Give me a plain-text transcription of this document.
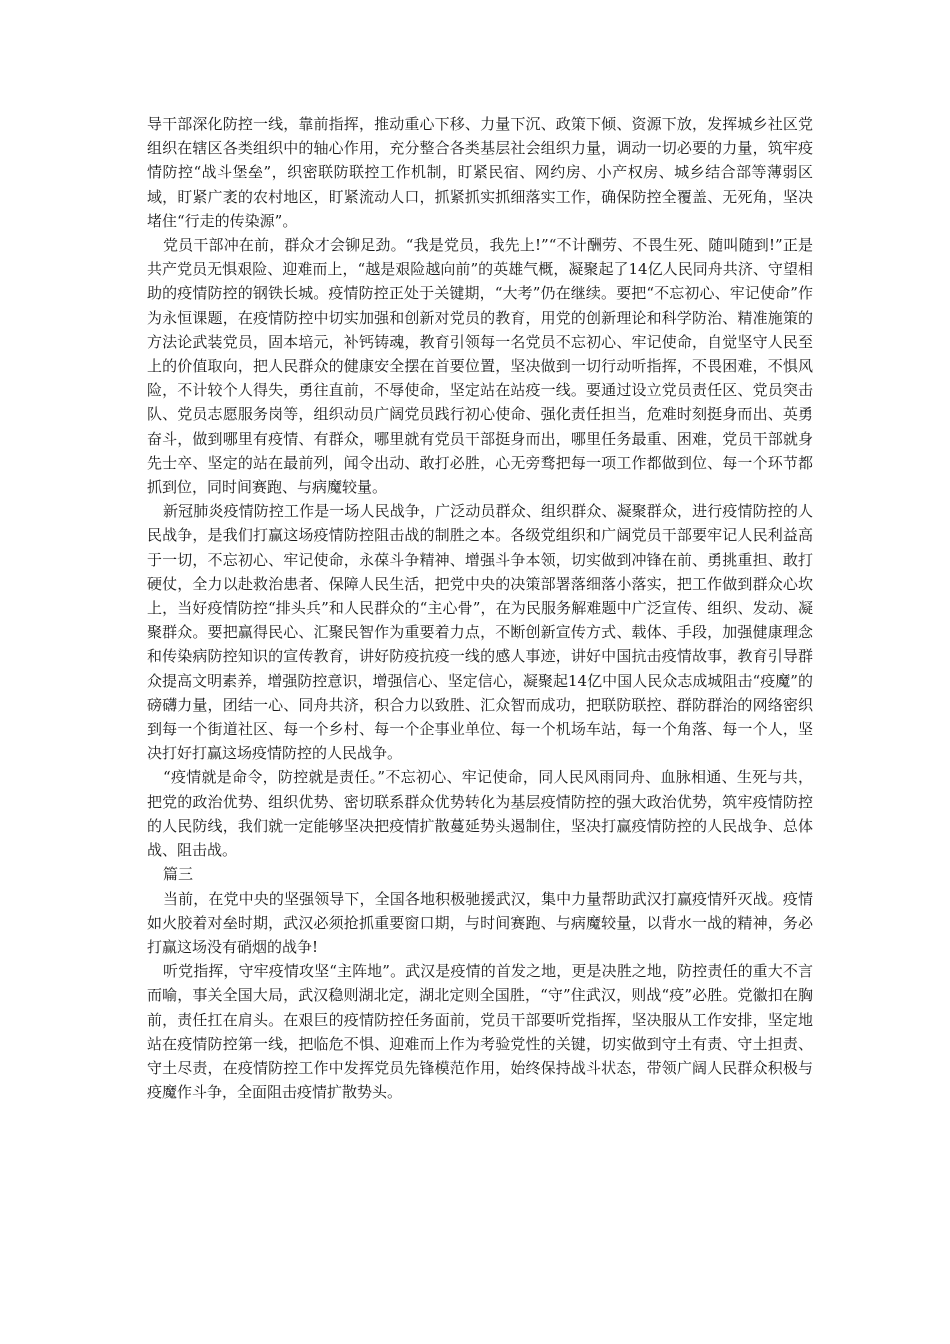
导干部深化防控一线，靠前指挥，推动重心下移、力量下沉、政策下倾、资源下放，发挥城乡社区党组织在辖区各类组织中的轴心作用，充分整合各类基层社会组织力量，调动一切必要的力量，筑牢疫情防控“战斗堡垒”，织密联防联控工作机制，盯紧民宿、网约房、小产权房、城乡结合部等薄弱区域，盯紧广袤的农村地区，盯紧流动人口，抓紧抓实抓细落实工作，确保防控全覆盖、无死角，坚决堵住“行走的传染源”。

党员干部冲在前，群众才会铆足劲。“我是党员，我先上!”“不计酬劳、不畏生死、随叫随到!”正是共产党员无惧艰险、迎难而上，“越是艰险越向前”的英雄气概，凝聚起了14亿人民同舟共济、守望相助的疫情防控的钢铁长城。疫情防控正处于关键期，“大考”仍在继续。要把“不忘初心、牢记使命”作为永恒课题，在疫情防控中切实加强和创新对党员的教育，用党的创新理论和科学防治、精准施策的方法论武装党员，固本培元，补钙铸魂，教育引领每一名党员不忘初心、牢记使命，自觉坚守人民至上的价值取向，把人民群众的健康安全摆在首要位置，坚决做到一切行动听指挥，不畏困难，不惧风险，不计较个人得失，勇往直前，不辱使命，坚定站在站疫一线。要通过设立党员责任区、党员突击队、党员志愿服务岗等，组织动员广阔党员践行初心使命、强化责任担当，危难时刻挺身而出、英勇奋斗，做到哪里有疫情、有群众，哪里就有党员干部挺身而出，哪里任务最重、困难，党员干部就身先士卒、坚定的站在最前列，闻令出动、敢打必胜，心无旁骛把每一项工作都做到位、每一个环节都抓到位，同时间赛跑、与病魔较量。

新冠肺炎疫情防控工作是一场人民战争，广泛动员群众、组织群众、凝聚群众，进行疫情防控的人民战争，是我们打赢这场疫情防控阻击战的制胜之本。各级党组织和广阔党员干部要牢记人民利益高于一切，不忘初心、牢记使命，永葆斗争精神、增强斗争本领，切实做到冲锋在前、勇挑重担、敢打硬仗，全力以赴救治患者、保障人民生活，把党中央的决策部署落细落小落实，把工作做到群众心坎上，当好疫情防控“排头兵”和人民群众的“主心骨”，在为民服务解难题中广泛宣传、组织、发动、凝聚群众。要把赢得民心、汇聚民智作为重要着力点，不断创新宣传方式、载体、手段，加强健康理念和传染病防控知识的宣传教育，讲好防疫抗疫一线的感人事迹，讲好中国抗击疫情故事，教育引导群众提高文明素养，增强防控意识，增强信心、坚定信心，凝聚起14亿中国人民众志成城阻击“疫魔”的磅礴力量，团结一心、同舟共济，积合力以致胜、汇众智而成功，把联防联控、群防群治的网络密织到每一个街道社区、每一个乡村、每一个企事业单位、每一个机场车站，每一个角落、每一个人，坚决打好打赢这场疫情防控的人民战争。

“疫情就是命令，防控就是责任。”不忘初心、牢记使命，同人民风雨同舟、血脉相通、生死与共，把党的政治优势、组织优势、密切联系群众优势转化为基层疫情防控的强大政治优势，筑牢疫情防控的人民防线，我们就一定能够坚决把疫情扩散蔓延势头遏制住，坚决打赢疫情防控的人民战争、总体战、阻击战。

篇三

当前，在党中央的坚强领导下，全国各地积极驰援武汉，集中力量帮助武汉打赢疫情歼灭战。疫情如火胶着对垒时期，武汉必须抢抓重要窗口期，与时间赛跑、与病魔较量，以背水一战的精神，务必打赢这场没有硝烟的战争!

听党指挥，守牢疫情攻坚“主阵地”。武汉是疫情的首发之地，更是决胜之地，防控责任的重大不言而喻，事关全国大局，武汉稳则湖北定，湖北定则全国胜，“守”住武汉，则战“疫”必胜。党徽扣在胸前，责任扛在肩头。在艰巨的疫情防控任务面前，党员干部要听党指挥，坚决服从工作安排，坚定地站在疫情防控第一线，把临危不惧、迎难而上作为考验党性的关键，切实做到守土有责、守土担责、守土尽责，在疫情防控工作中发挥党员先锋模范作用，始终保持战斗状态，带领广阔人民群众积极与疫魔作斗争，全面阻击疫情扩散势头。
